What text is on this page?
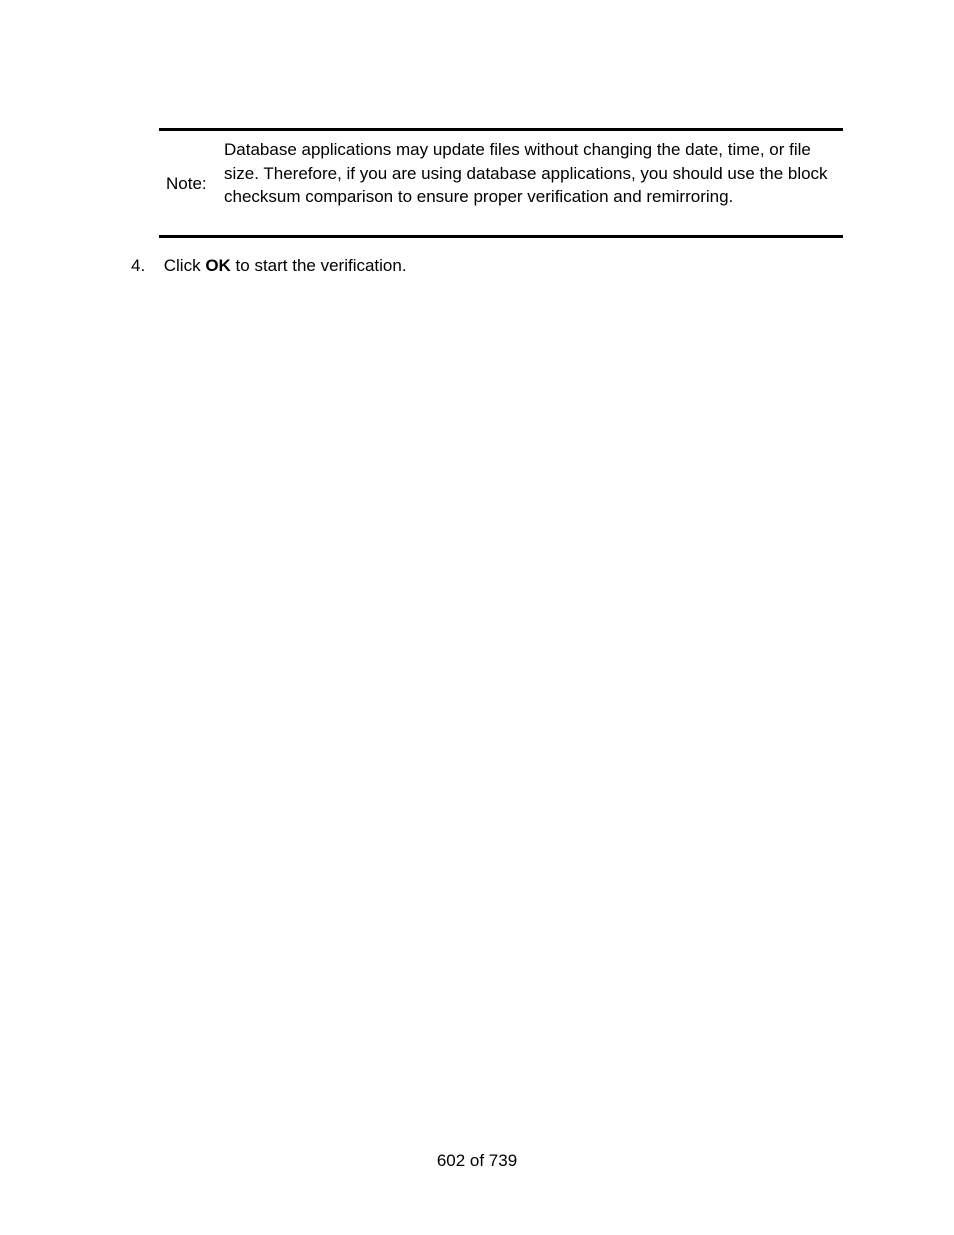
Note:
Database applications may update files without changing the date, time, or file size. Therefore, if you are using database applications, you should use the block checksum comparison to ensure proper verification and remirroring.
4. Click OK to start the verification.
602 of 739
